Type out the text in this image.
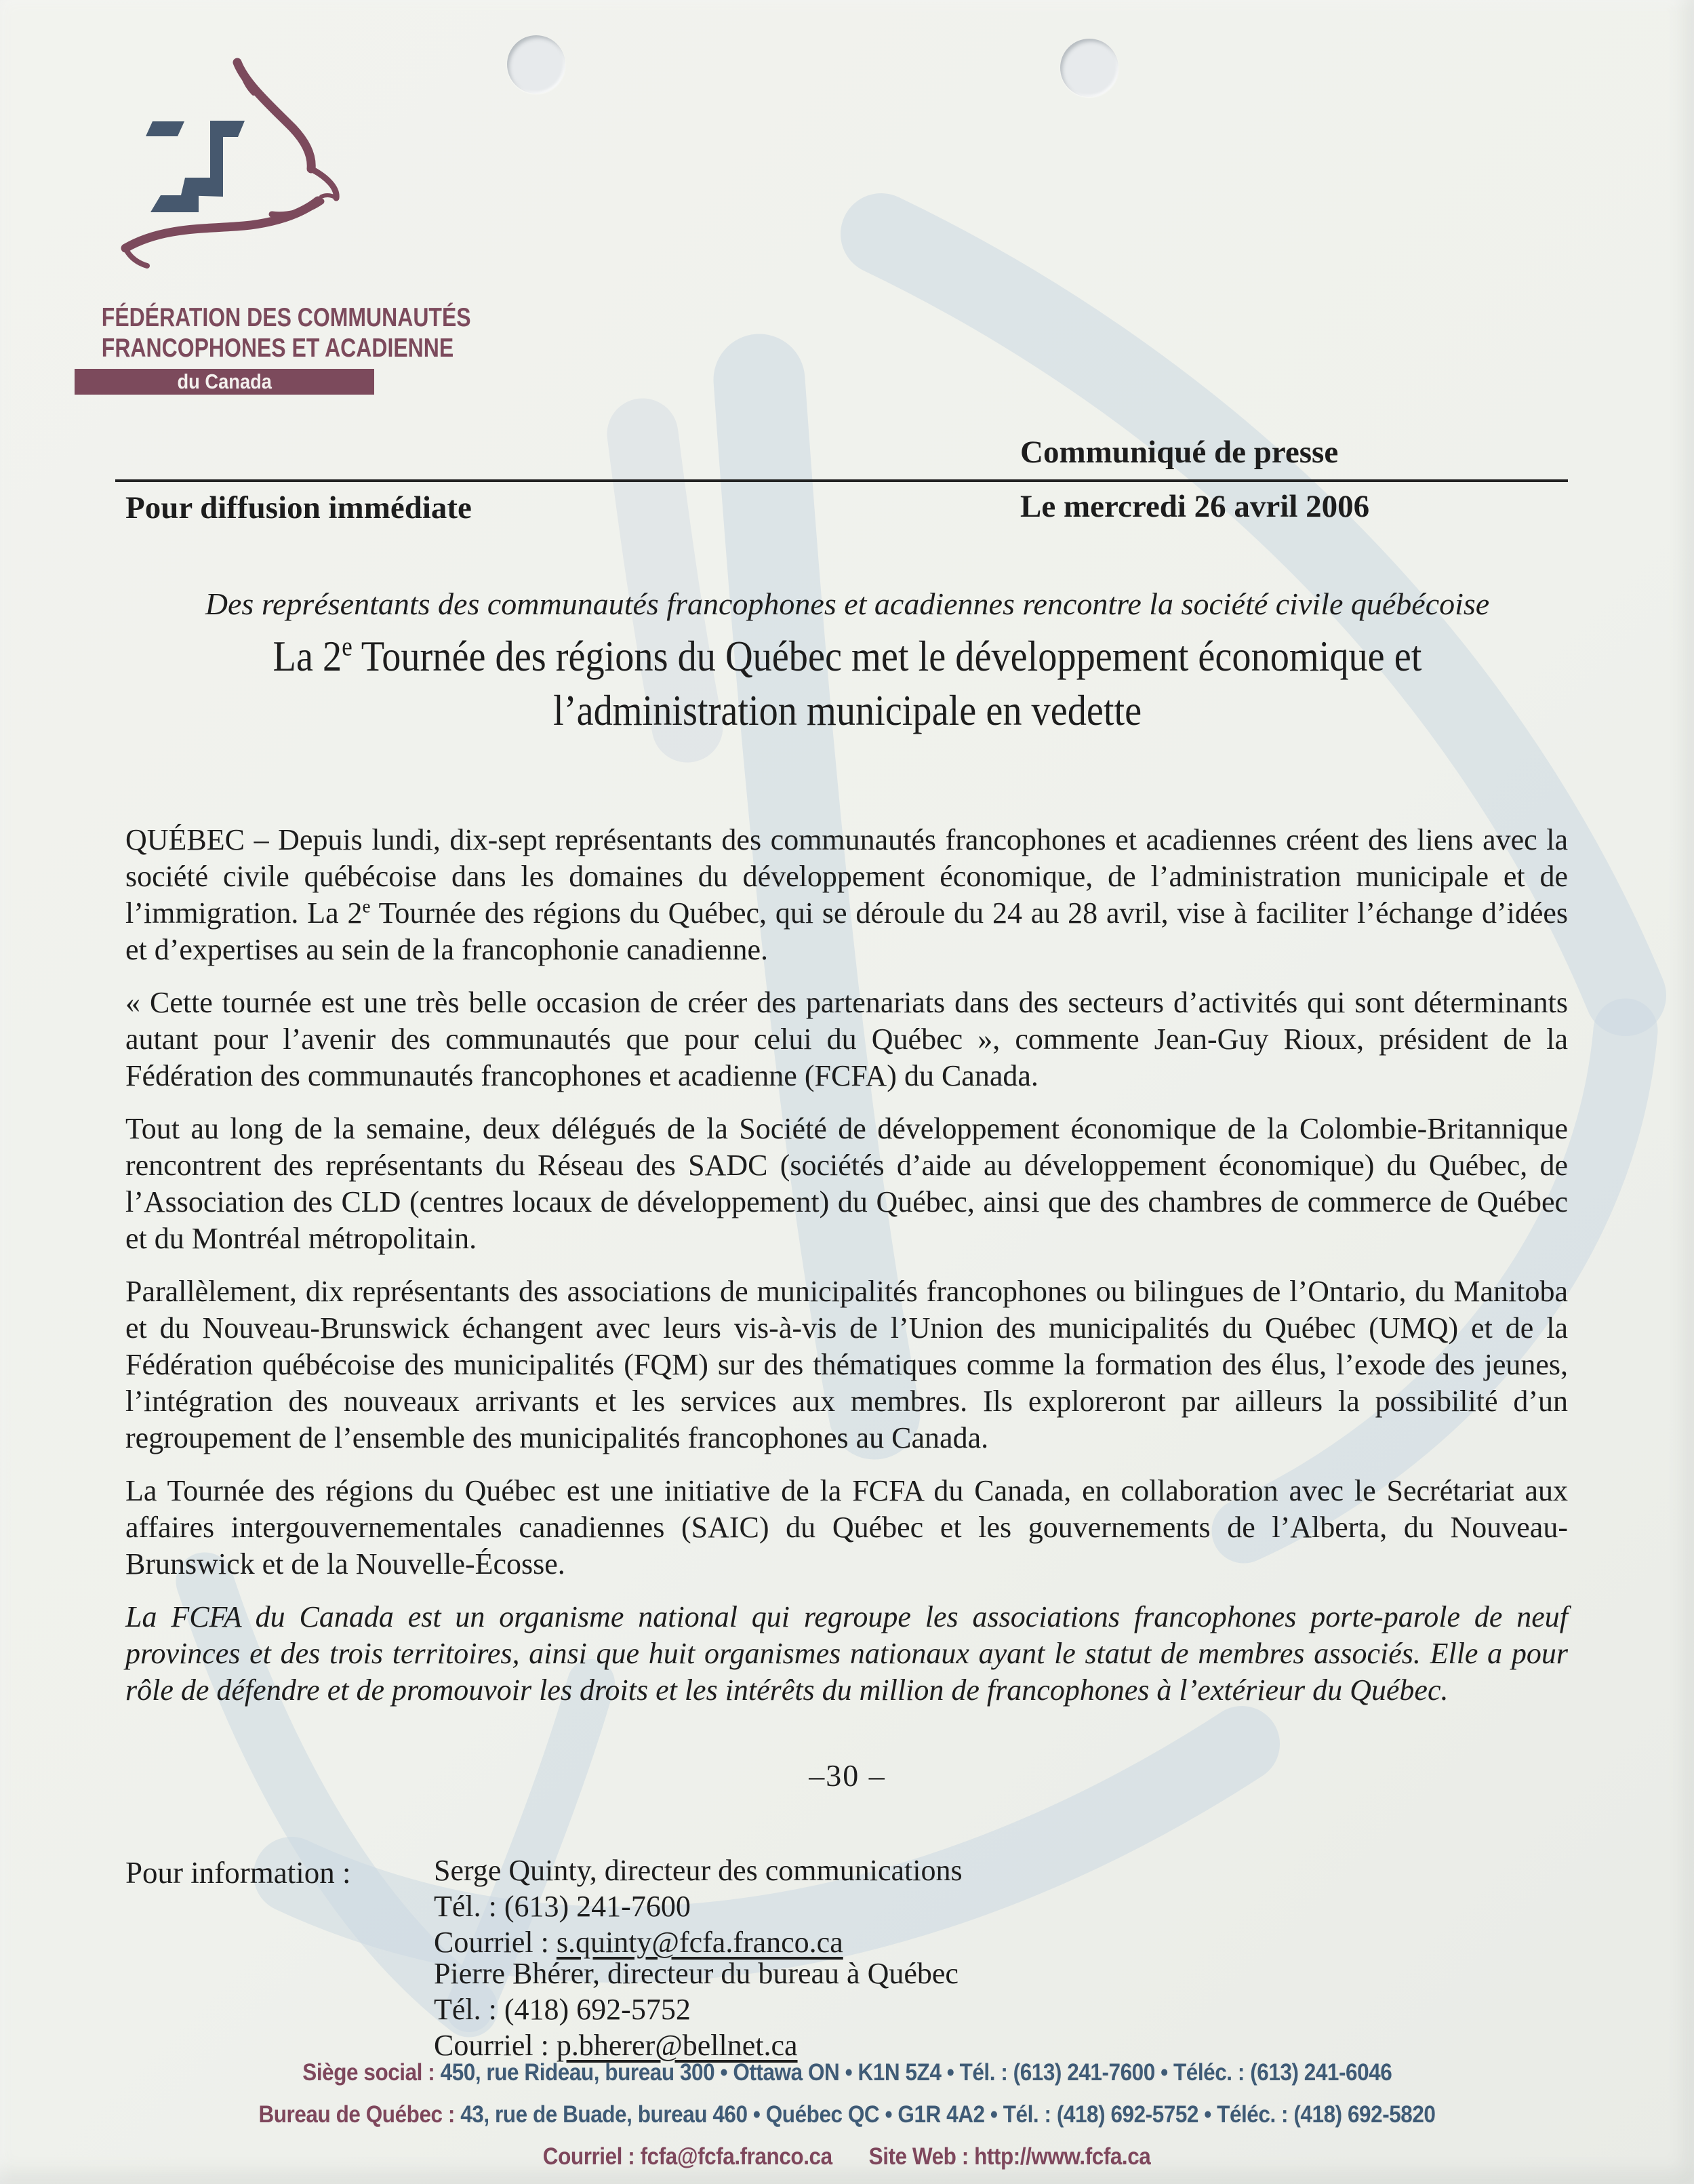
FÉDÉRATION DES COMMUNAUTÉS
FRANCOPHONES ET ACADIENNE
du Canada
Communiqué de presse
Pour diffusion immédiate	Le mercredi 26 avril 2006
Des représentants des communautés francophones et acadiennes rencontre la société civile québécoise
La 2e Tournée des régions du Québec met le développement économique et
l’administration municipale en vedette

QUÉBEC – Depuis lundi, dix-sept représentants des communautés francophones et acadiennes créent des liens avec la société civile québécoise dans les domaines du développement économique, de l’administration municipale et de l’immigration. La 2e Tournée des régions du Québec, qui se déroule du 24 au 28 avril, vise à faciliter l’échange d’idées et d’expertises au sein de la francophonie canadienne.

« Cette tournée est une très belle occasion de créer des partenariats dans des secteurs d’activités qui sont déterminants autant pour l’avenir des communautés que pour celui du Québec », commente Jean-Guy Rioux, président de la Fédération des communautés francophones et acadienne (FCFA) du Canada.

Tout au long de la semaine, deux délégués de la Société de développement économique de la Colombie-Britannique rencontrent des représentants du Réseau des SADC (sociétés d’aide au développement économique) du Québec, de l’Association des CLD (centres locaux de développement) du Québec, ainsi que des chambres de commerce de Québec et du Montréal métropolitain.

Parallèlement, dix représentants des associations de municipalités francophones ou bilingues de l’Ontario, du Manitoba et du Nouveau-Brunswick échangent avec leurs vis-à-vis de l’Union des municipalités du Québec (UMQ) et de la Fédération québécoise des municipalités (FQM) sur des thématiques comme la formation des élus, l’exode des jeunes, l’intégration des nouveaux arrivants et les services aux membres. Ils exploreront par ailleurs la possibilité d’un regroupement de l’ensemble des municipalités francophones au Canada.

La Tournée des régions du Québec est une initiative de la FCFA du Canada, en collaboration avec le Secrétariat aux affaires intergouvernementales canadiennes (SAIC) du Québec et les gouvernements de l’Alberta, du Nouveau-Brunswick et de la Nouvelle-Écosse.

La FCFA du Canada est un organisme national qui regroupe les associations francophones porte-parole de neuf provinces et des trois territoires, ainsi que huit organismes nationaux ayant le statut de membres associés. Elle a pour rôle de défendre et de promouvoir les droits et les intérêts du million de francophones à l’extérieur du Québec.

–30 –
Pour information :	Serge Quinty, directeur des communications
Tél. : (613) 241-7600
Courriel : s.quinty@fcfa.franco.ca
Pierre Bhérer, directeur du bureau à Québec
Tél. : (418) 692-5752
Courriel : p.bherer@bellnet.ca
Siège social : 450, rue Rideau, bureau 300 • Ottawa ON • K1N 5Z4 • Tél. : (613) 241-7600 • Téléc. : (613) 241-6046
Bureau de Québec : 43, rue de Buade, bureau 460 • Québec QC • G1R 4A2 • Tél. : (418) 692-5752 • Téléc. : (418) 692-5820
Courriel : fcfa@fcfa.franco.ca Site Web : http://www.fcfa.ca
